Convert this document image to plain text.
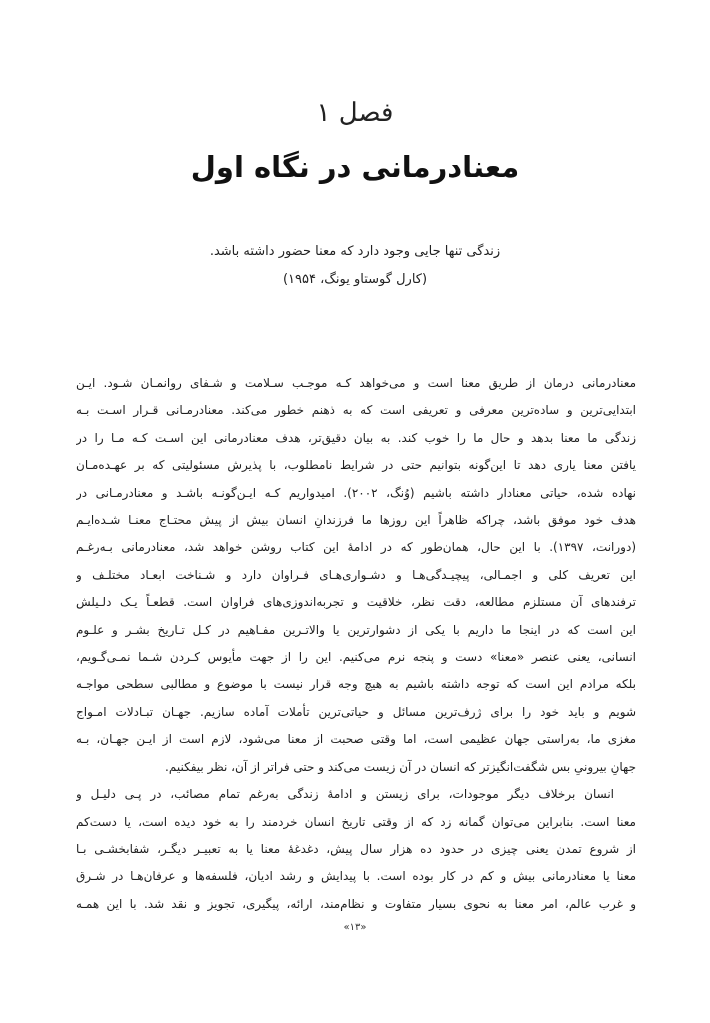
فصل ۱
معنادرمانی در نگاه اول
زندگی تنها جایی وجود دارد که معنا حضور داشته باشد.
(کارل گوستاو یونگ، ۱۹۵۴)
معنادرمانی درمان از طریق معنا است و می‌خواهد کـه موجـب سـلامت و شـفای روانمـان شـود. ایـن
ابتدایی‌ترین و ساده‌ترین معرفی و تعریفی است که به ذهنم خطور می‌کند. معنادرمـانی قـرار اسـت بـه
زندگی ما معنا بدهد و حال ما را خوب کند. به بیان دقیق‌تر، هدف معنادرمانی این اسـت کـه مـا را در
یافتن معنا یاری دهد تا این‌گونه بتوانیم حتی در شرایط نامطلوب، با پذیرش مسئولیتی که بر عهـده‌مـان
نهاده شده، حیاتی معنادار داشته باشیم (وُنگ، ۲۰۰۲). امیدواریم کـه ایـن‌گونـه باشـد و معنادرمـانی در
هدف خود موفق باشد، چراکه ظاهراً این روزها ما فرزندانِ انسان بیش از پیش محتـاج معنـا شـده‌ایـم
(دورانت، ۱۳۹۷). با این حال، همان‌طور که در ادامهٔ این کتاب روشن خواهد شد، معنادرمانی بـه‌رغـم
این تعریف کلی و اجمـالی، پیچیـدگی‌هـا و دشـواری‌هـای فـراوان دارد و شـناخت ابعـاد مختلـف و
ترفندهای آن مستلزم مطالعه، دقت نظر، خلاقیت و تجربه‌اندوزی‌های فراوان است. قطعـاً یـک دلـیلش
این است که در اینجا ما داریم با یکی از دشوارترین یا والاتـرین مفـاهیم در کـل تـاریخ بشـر و علـوم
انسانی، یعنی عنصر «معنا» دست و پنجه نرم می‌کنیم. این را از جهت مأیوس کـردن شـما نمـی‌گـویم،
بلکه مرادم این است که توجه داشته باشیم به هیچ وجه قرار نیست با موضوع و مطالبی سطحی مواجـه
شویم و باید خود را برای ژرف‌ترین مسائل و حیاتی‌ترین تأملات آماده سازیم. جهـان تبـادلات امـواج
مغزی ما، به‌راستی جهان عظیمی است، اما وقتی صحبت از معنا می‌شود، لازم است از ایـن جهـان، بـه
جهانِ بیرونیِ بس شگفت‌انگیزتر که انسان در آن زیست می‌کند و حتی فراتر از آن، نظر بیفکنیم.
انسان برخلاف دیگر موجودات، برای زیستن و ادامهٔ زندگی به‌رغم تمام مصائب، در پـی دلیـل و
معنا است. بنابراین می‌توان گمانه زد که از وقتی تاریخ انسان خردمند را به خود دیده است، یا دست‌کم
از شروع تمدن یعنی چیزی در حدود ده هزار سال پیش، دغدغهٔ معنا یا به تعبیـر دیگـر، شفابخشـی بـا
معنا یا معنادرمانی بیش و کم در کار بوده است. با پیدایش و رشد ادیان، فلسفه‌ها و عرفان‌هـا در شـرق
و غرب عالم، امر معنا به نحوی بسیار متفاوت و نظام‌مند، ارائه، پیگیری، تجویز و نقد شد. با این همـه
«۱۳»
